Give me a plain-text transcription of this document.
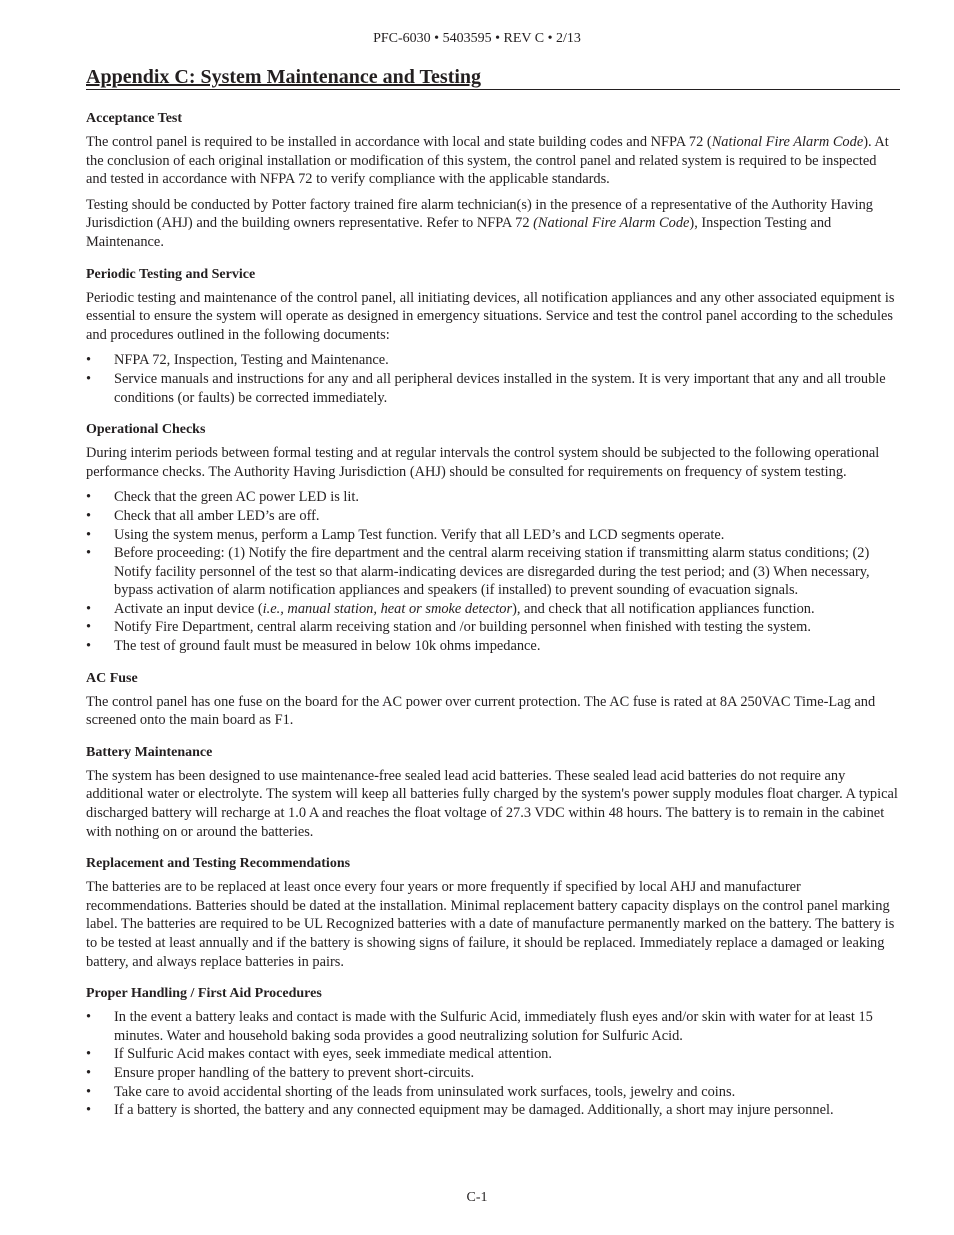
PFC-6030 • 5403595 • REV C • 2/13
Appendix C: System Maintenance and Testing
Acceptance Test

The control panel is required to be installed in accordance with local and state building codes and NFPA 72 (National Fire Alarm Code). At the conclusion of each original installation or modification of this system, the control panel and related system is required to be inspected and tested in accordance with NFPA 72 to verify compliance with the applicable standards.

Testing should be conducted by Potter factory trained fire alarm technician(s) in the presence of a representative of the Authority Having Jurisdiction (AHJ) and the building owners representative. Refer to NFPA 72 (National Fire Alarm Code), Inspection Testing and Maintenance.

Periodic Testing and Service

Periodic testing and maintenance of the control panel, all initiating devices, all notification appliances and any other associated equipment is essential to ensure the system will operate as designed in emergency situations. Service and test the control panel according to the schedules and procedures outlined in the following documents:

• NFPA 72, Inspection, Testing and Maintenance.
• Service manuals and instructions for any and all peripheral devices installed in the system. It is very important that any and all trouble conditions (or faults) be corrected immediately.
Operational Checks

During interim periods between formal testing and at regular intervals the control system should be subjected to the following operational performance checks. The Authority Having Jurisdiction (AHJ) should be consulted for requirements on frequency of system testing.

• Check that the green AC power LED is lit.
• Check that all amber LED’s are off.
• Using the system menus, perform a Lamp Test function. Verify that all LED’s and LCD segments operate.
• Before proceeding: (1) Notify the fire department and the central alarm receiving station if transmitting alarm status conditions; (2) Notify facility personnel of the test so that alarm-indicating devices are disregarded during the test period; and (3) When necessary, bypass activation of alarm notification appliances and speakers (if installed) to prevent sounding of evacuation signals.
• Activate an input device (i.e., manual station, heat or smoke detector), and check that all notification appliances function.
• Notify Fire Department, central alarm receiving station and /or building personnel when finished with testing the system.
• The test of ground fault must be measured in below 10k ohms impedance.
AC Fuse

The control panel has one fuse on the board for the AC power over current protection. The AC fuse is rated at 8A 250VAC Time-Lag and screened onto the main board as F1.

Battery Maintenance

The system has been designed to use maintenance-free sealed lead acid batteries. These sealed lead acid batteries do not require any additional water or electrolyte. The system will keep all batteries fully charged by the system's power supply modules float charger. A typical discharged battery will recharge at 1.0 A and reaches the float voltage of 27.3 VDC within 48 hours. The battery is to remain in the cabinet with nothing on or around the batteries.

Replacement and Testing Recommendations

The batteries are to be replaced at least once every four years or more frequently if specified by local AHJ and manufacturer recommendations. Batteries should be dated at the installation. Minimal replacement battery capacity displays on the control panel marking label. The batteries are required to be UL Recognized batteries with a date of manufacture permanently marked on the battery. The battery is to be tested at least annually and if the battery is showing signs of failure, it should be replaced. Immediately replace a damaged or leaking battery, and always replace batteries in pairs.

Proper Handling / First Aid Procedures
• In the event a battery leaks and contact is made with the Sulfuric Acid, immediately flush eyes and/or skin with water for at least 15 minutes. Water and household baking soda provides a good neutralizing solution for Sulfuric Acid.
• If Sulfuric Acid makes contact with eyes, seek immediate medical attention.
• Ensure proper handling of the battery to prevent short-circuits.
• Take care to avoid accidental shorting of the leads from uninsulated work surfaces, tools, jewelry and coins.
• If a battery is shorted, the battery and any connected equipment may be damaged. Additionally, a short may injure personnel.
C-1
